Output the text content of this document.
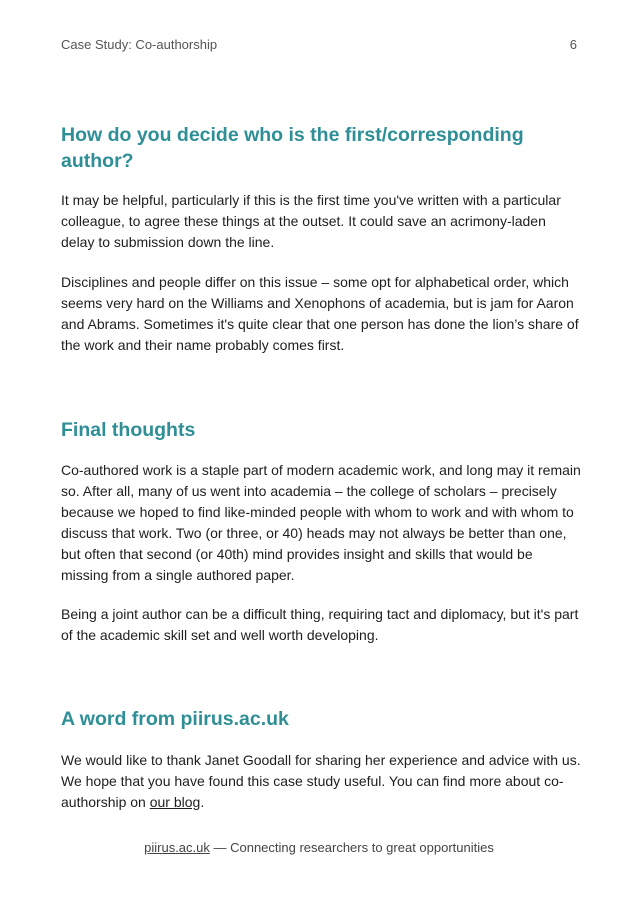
Case Study: Co-authorship	6
How do you decide who is the first/corresponding author?

It may be helpful, particularly if this is the first time you've written with a particular colleague, to agree these things at the outset. It could save an acrimony-laden delay to submission down the line.

Disciplines and people differ on this issue – some opt for alphabetical order, which seems very hard on the Williams and Xenophons of academia, but is jam for Aaron and Abrams. Sometimes it's quite clear that one person has done the lion’s share of the work and their name probably comes first.

Final thoughts

Co-authored work is a staple part of modern academic work, and long may it remain so. After all, many of us went into academia – the college of scholars – precisely because we hoped to find like-minded people with whom to work and with whom to discuss that work. Two (or three, or 40) heads may not always be better than one, but often that second (or 40th) mind provides insight and skills that would be missing from a single authored paper.

Being a joint author can be a difficult thing, requiring tact and diplomacy, but it's part of the academic skill set and well worth developing.

A word from piirus.ac.uk

We would like to thank Janet Goodall for sharing her experience and advice with us. We hope that you have found this case study useful. You can find more about co-authorship on our blog.

piirus.ac.uk — Connecting researchers to great opportunities
